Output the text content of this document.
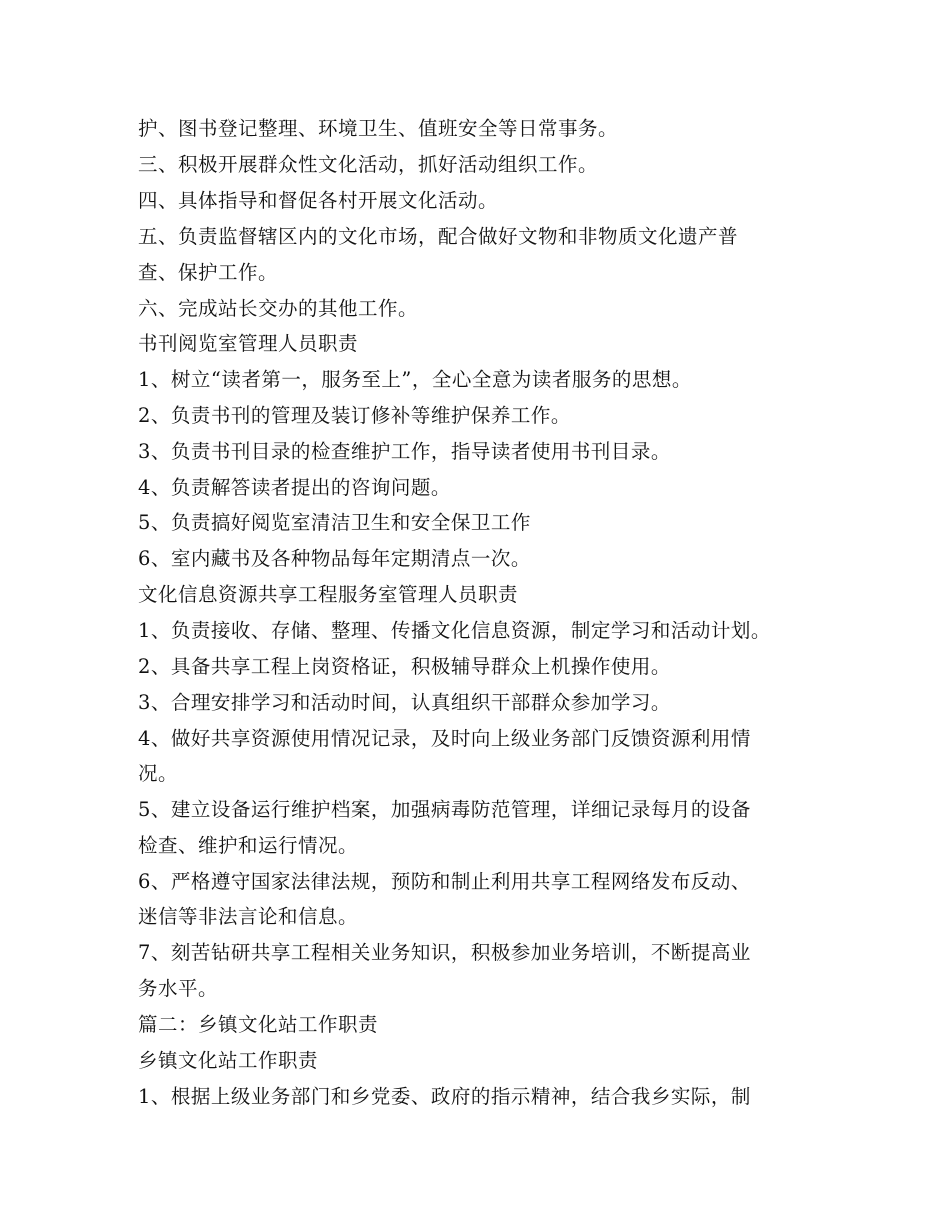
护、图书登记整理、环境卫生、值班安全等日常事务。
三、积极开展群众性文化活动，抓好活动组织工作。
四、具体指导和督促各村开展文化活动。
五、负责监督辖区内的文化市场，配合做好文物和非物质文化遗产普
查、保护工作。
六、完成站长交办的其他工作。
书刊阅览室管理人员职责
1、树立“读者第一，服务至上”，全心全意为读者服务的思想。
2、负责书刊的管理及装订修补等维护保养工作。
3、负责书刊目录的检查维护工作，指导读者使用书刊目录。
4、负责解答读者提出的咨询问题。
5、负责搞好阅览室清洁卫生和安全保卫工作
6、室内藏书及各种物品每年定期清点一次。
文化信息资源共享工程服务室管理人员职责
1、负责接收、存储、整理、传播文化信息资源，制定学习和活动计划。
2、具备共享工程上岗资格证，积极辅导群众上机操作使用。
3、合理安排学习和活动时间，认真组织干部群众参加学习。
4、做好共享资源使用情况记录，及时向上级业务部门反馈资源利用情
况。
5、建立设备运行维护档案，加强病毒防范管理，详细记录每月的设备
检查、维护和运行情况。
6、严格遵守国家法律法规，预防和制止利用共享工程网络发布反动、
迷信等非法言论和信息。
7、刻苦钻研共享工程相关业务知识，积极参加业务培训，不断提高业
务水平。
篇二：乡镇文化站工作职责
乡镇文化站工作职责
1、根据上级业务部门和乡党委、政府的指示精神，结合我乡实际，制
